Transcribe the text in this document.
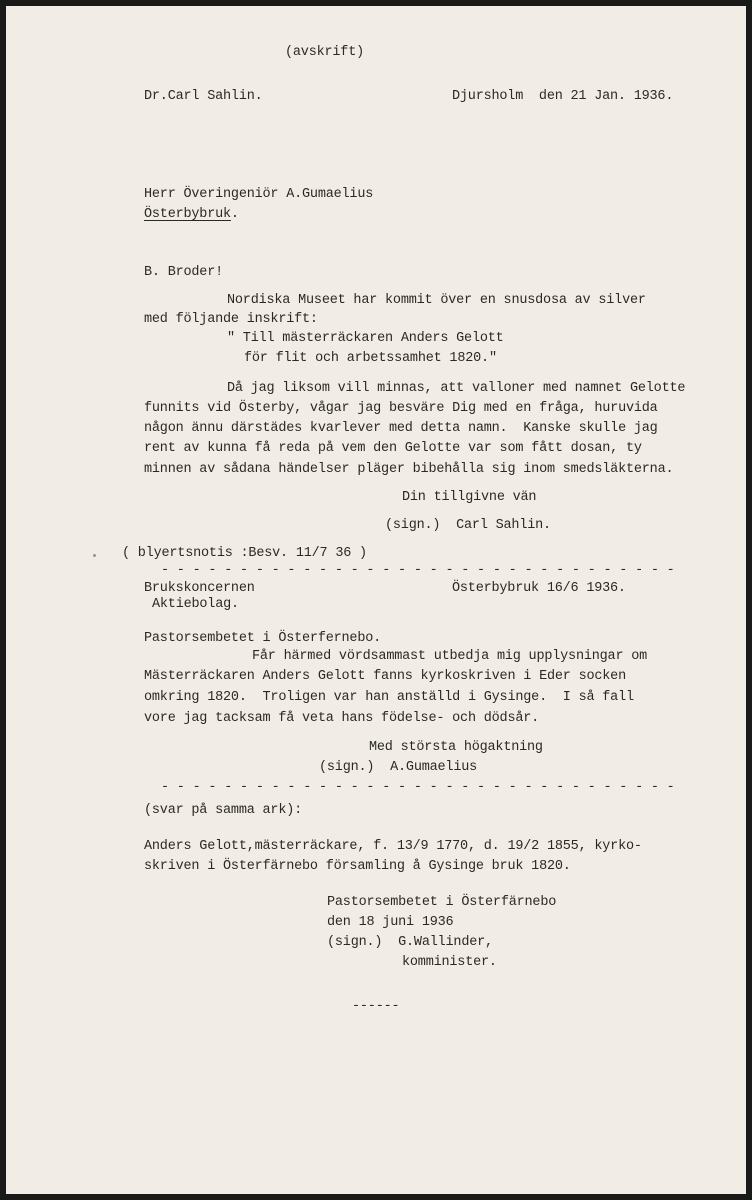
(avskrift)
Dr.Carl Sahlin.	Djursholm  den 21 Jan. 1936.
Herr Överingeniör A.Gumaelius
Österbybruk.
B. Broder!
Nordiska Museet har kommit över en snusdosa av silver
med följande inskrift:
" Till mästerräckaren Anders Gelott
för flit och arbetssamhet 1820."
Då jag liksom vill minnas, att valloner med namnet Gelotte
funnits vid Österby, vågar jag besväre Dig med en fråga, huruvida
någon ännu därstädes kvarlever med detta namn.  Kanske skulle jag
rent av kunna få reda på vem den Gelotte var som fått dosan, ty
minnen av sådana händelser pläger bibehålla sig inom smedsläkterna.
Din tillgivne vän
(sign.)  Carl Sahlin.
( blyertsnotis :Besv. 11/7 36 )
- - - - - - - - - - - - - - - - - - - - - - - - - - - - - - - - -
Brukskoncernen
Aktiebolag.
Österbybruk 16/6 1936.
Pastorsembetet i Österfernebo.
Får härmed vördsammast utbedja mig upplysningar om
Mästerräckaren Anders Gelott fanns kyrkoskriven i Eder socken
omkring 1820.  Troligen var han anställd i Gysinge.  I så fall
vore jag tacksam få veta hans födelse- och dödsår.
Med största högaktning
(sign.)  A.Gumaelius
- - - - - - - - - - - - - - - - - - - - - - - - - - - - - - - - -
(svar på samma ark):
Anders Gelott,mästerräckare, f. 13/9 1770, d. 19/2 1855, kyrko-
skriven i Österfärnebo församling å Gysinge bruk 1820.
Pastorsembetet i Österfärnebo
den 18 juni 1936
(sign.)  G.Wallinder,
komminister.
------
